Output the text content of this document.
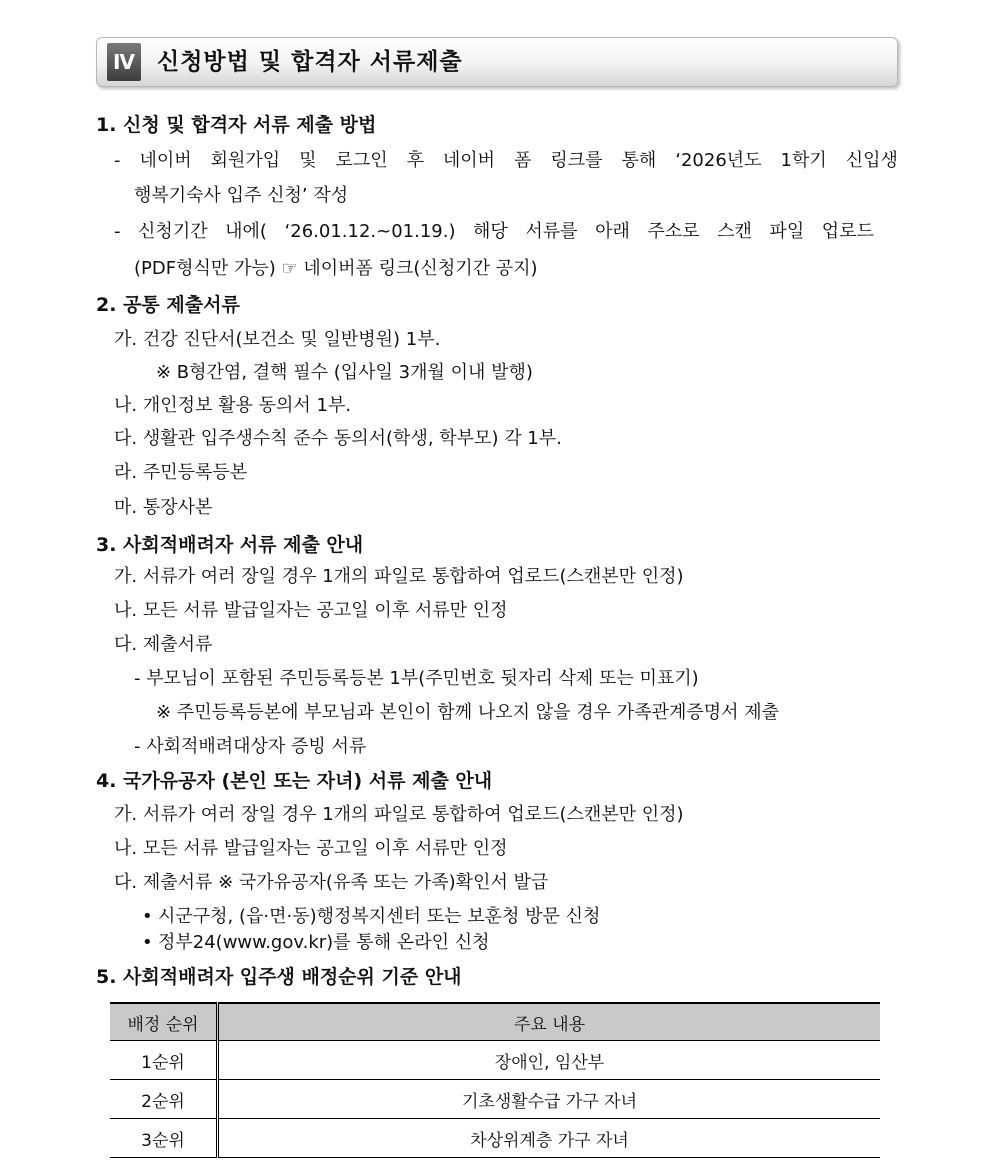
Ⅳ 신청방법 및 합격자 서류제출
1. 신청 및 합격자 서류 제출 방법
- 네이버 회원가입 및 로그인 후 네이버 폼 링크를 통해 ‘2026년도 1학기 신입생
행복기숙사 입주 신청’ 작성
- 신청기간 내에( ‘26.01.12.~01.19.) 해당 서류를 아래 주소로 스캔 파일 업로드
(PDF형식만 가능) ☞ 네이버폼 링크(신청기간 공지)
2. 공통 제출서류
가. 건강 진단서(보건소 및 일반병원) 1부.
※ B형간염, 결핵 필수 (입사일 3개월 이내 발행)
나. 개인정보 활용 동의서 1부.
다. 생활관 입주생수칙 준수 동의서(학생, 학부모) 각 1부.
라. 주민등록등본
마. 통장사본
3. 사회적배려자 서류 제출 안내
가. 서류가 여러 장일 경우 1개의 파일로 통합하여 업로드(스캔본만 인정)
나. 모든 서류 발급일자는 공고일 이후 서류만 인정
다. 제출서류
- 부모님이 포함된 주민등록등본 1부(주민번호 뒷자리 삭제 또는 미표기)
※ 주민등록등본에 부모님과 본인이 함께 나오지 않을 경우 가족관계증명서 제출
- 사회적배려대상자 증빙 서류
4. 국가유공자 (본인 또는 자녀) 서류 제출 안내
가. 서류가 여러 장일 경우 1개의 파일로 통합하여 업로드(스캔본만 인정)
나. 모든 서류 발급일자는 공고일 이후 서류만 인정
다. 제출서류 ※ 국가유공자(유족 또는 가족)확인서 발급
• 시군구청, (읍·면·동)행정복지센터 또는 보훈청 방문 신청
• 정부24(www.gov.kr)를 통해 온라인 신청
5. 사회적배려자 입주생 배정순위 기준 안내
배정 순위	주요 내용
1순위	장애인, 임산부
2순위	기초생활수급 가구 자녀
3순위	차상위계층 가구 자녀
